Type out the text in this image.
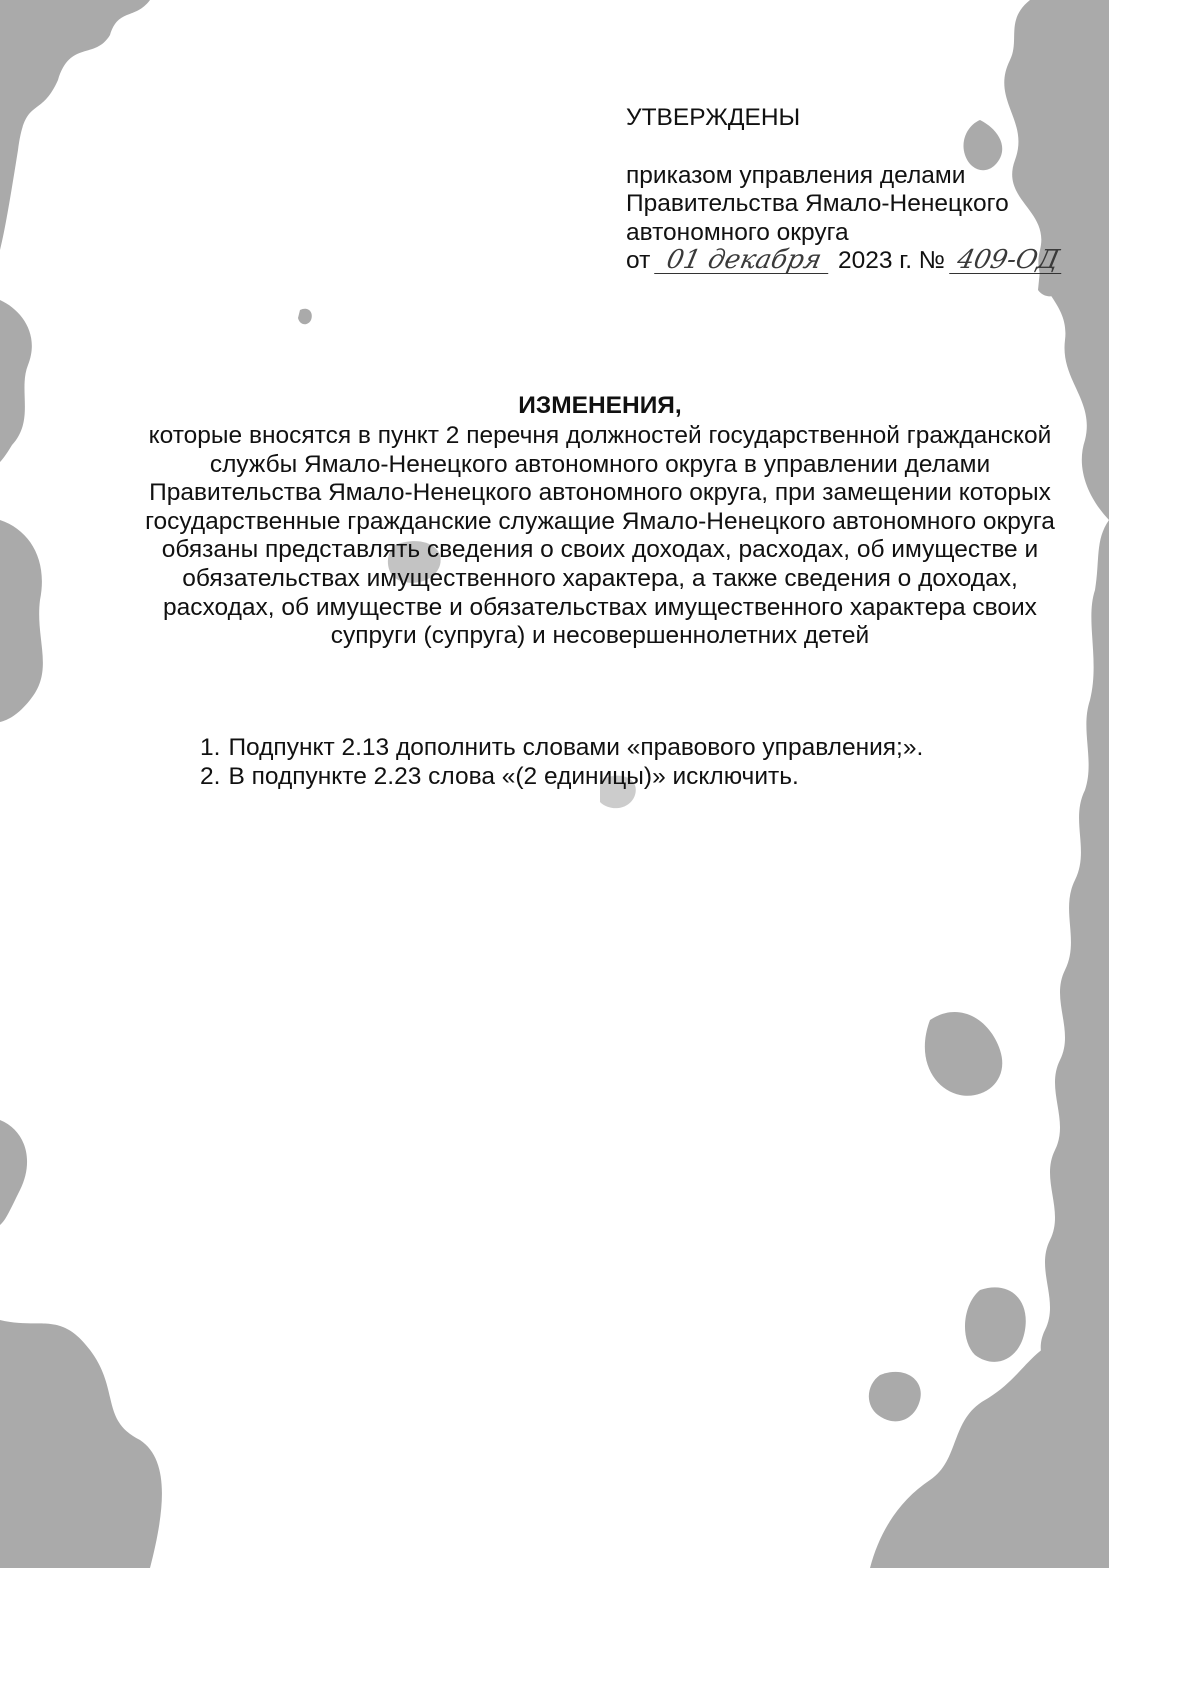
УТВЕРЖДЕНЫ
приказом управления делами
Правительства Ямало-Ненецкого
автономного округа
от 01 декабря 2023 г. № 409-ОД
ИЗМЕНЕНИЯ,
которые вносятся в пункт 2 перечня должностей государственной гражданской службы Ямало-Ненецкого автономного округа в управлении делами Правительства Ямало-Ненецкого автономного округа, при замещении которых государственные гражданские служащие Ямало-Ненецкого автономного округа обязаны представлять сведения о своих доходах, расходах, об имуществе и обязательствах имущественного характера, а также сведения о доходах, расходах, об имуществе и обязательствах имущественного характера своих супруги (супруга) и несовершеннолетних детей
1. Подпункт 2.13 дополнить словами «правового управления;».
2. В подпункте 2.23 слова «(2 единицы)» исключить.
